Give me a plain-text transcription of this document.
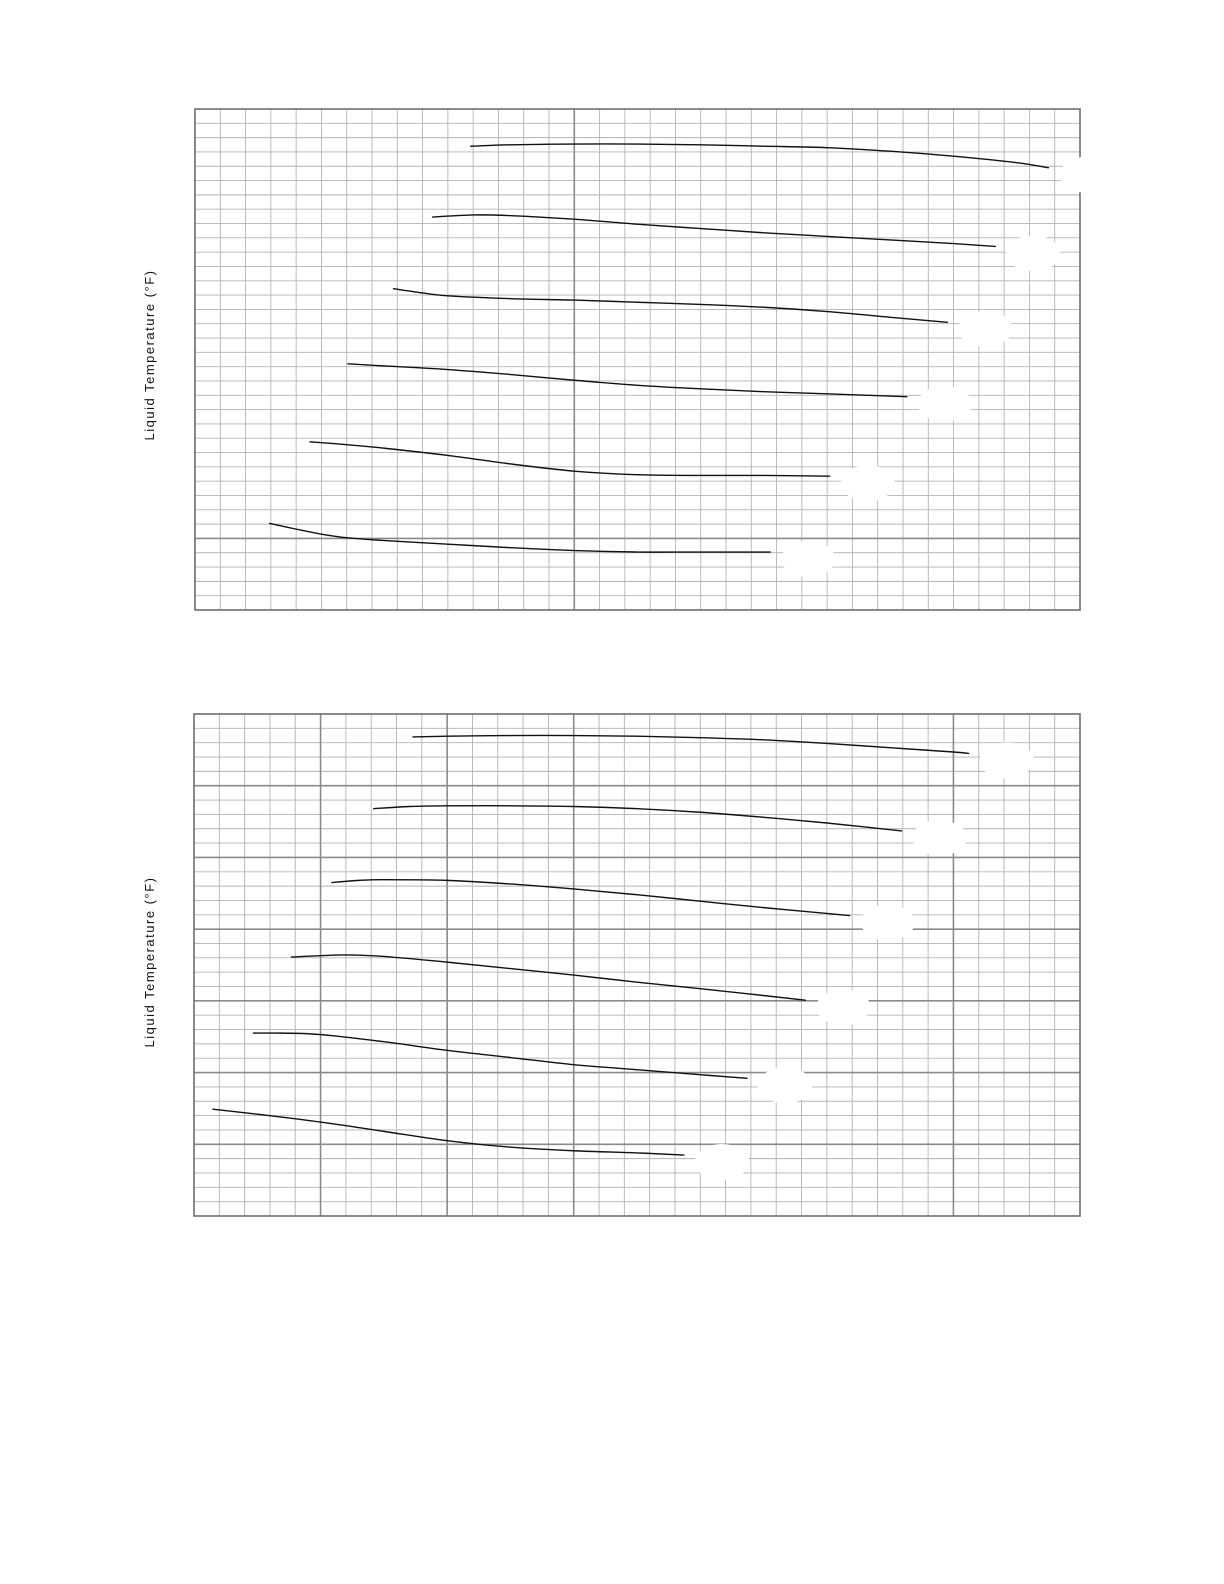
Liquid Temperature (°F)
Liquid Temperature (°F)
